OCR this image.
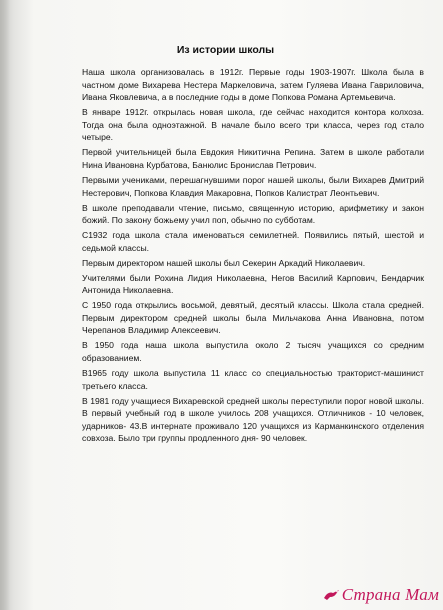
Из истории школы

Наша школа организовалась в 1912г. Первые годы 1903-1907г. Школа была в частном доме Вихарева Нестера Маркеловича, затем Гуляева Ивана Гавриловича, Ивана Яковлевича, а в последние годы в доме Попкова Романа Артемьевича.

В январе 1912г. открылась новая школа, где сейчас находится контора колхоза. Тогда она была одноэтажной. В начале было всего три класса, через год стало четыре.

Первой учительницей была Евдокия Никитична Репина. Затем в школе работали Нина Ивановна Курбатова, Банюлис Бронислав Петрович.

Первыми учениками, перешагнувшими порог нашей школы, были Вихарев Дмитрий Нестерович, Попкова Клавдия Макаровна, Попков Калистрат Леонтьевич.

В школе преподавали чтение, письмо, священную историю, арифметику и закон божий. По закону божьему учил поп, обычно по субботам.

С1932 года школа стала именоваться семилетней. Появились пятый, шестой и седьмой классы.

Первым директором нашей школы был Секерин Аркадий Николаевич.

Учителями были Рохина Лидия Николаевна, Негов Василий Карпович, Бендарчик Антонида Николаевна.

С 1950 года открылись восьмой, девятый, десятый классы. Школа стала средней. Первым директором средней школы была Мильчакова Анна Ивановна, потом Черепанов Владимир Алексеевич.

В 1950 года наша школа выпустила около 2 тысяч учащихся со средним образованием.

В1965 году школа выпустила 11 класс со специальностью тракторист-машинист третьего класса.

В 1981 году учащиеся Вихаревской средней школы переступили порог новой школы. В первый учебный год в школе училось 208 учащихся. Отличников - 10 человек, ударников- 43.В интернате проживало 120 учащихся из Карманкинского отделения совхоза. Было три группы продленного дня- 90 человек.

Страна Мам
